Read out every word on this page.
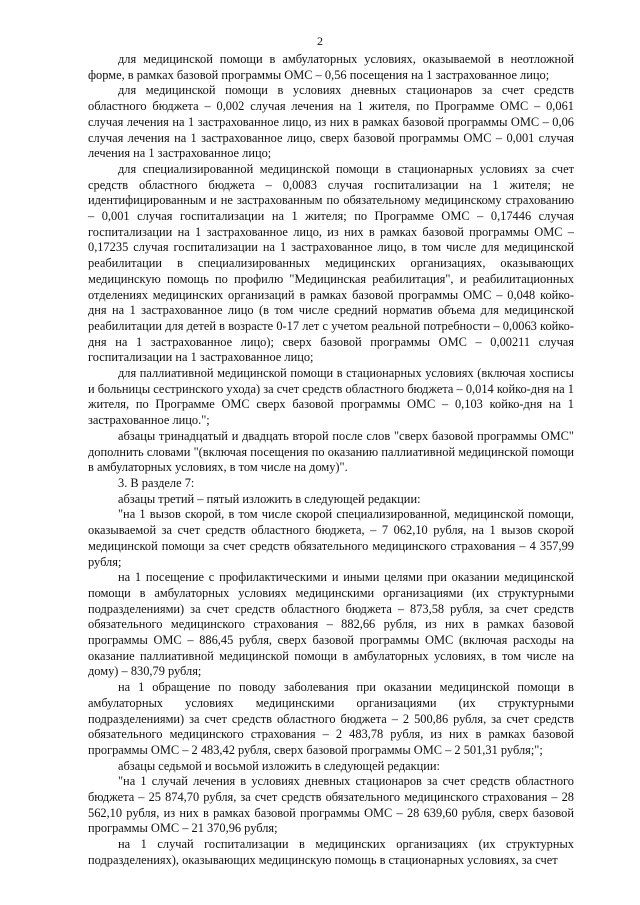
2

для медицинской помощи в амбулаторных условиях, оказываемой в неотложной форме, в рамках базовой программы ОМС – 0,56 посещения на 1 застрахованное лицо;

для медицинской помощи в условиях дневных стационаров за счет средств областного бюджета – 0,002 случая лечения на 1 жителя, по Программе ОМС – 0,061 случая лечения на 1 застрахованное лицо, из них в рамках базовой программы ОМС – 0,06 случая лечения на 1 застрахованное лицо, сверх базовой программы ОМС – 0,001 случая лечения на 1 застрахованное лицо;

для специализированной медицинской помощи в стационарных условиях за счет средств областного бюджета – 0,0083 случая госпитализации на 1 жителя; не идентифицированным и не застрахованным по обязательному медицинскому страхованию – 0,001 случая госпитализации на 1 жителя; по Программе ОМС – 0,17446 случая госпитализации на 1 застрахованное лицо, из них в рамках базовой программы ОМС – 0,17235 случая госпитализации на 1 застрахованное лицо, в том числе для медицинской реабилитации в специализированных медицинских организациях, оказывающих медицинскую помощь по профилю "Медицинская реабилитация", и реабилитационных отделениях медицинских организаций в рамках базовой программы ОМС – 0,048 койко-дня на 1 застрахованное лицо (в том числе средний норматив объема для медицинской реабилитации для детей в возрасте 0-17 лет с учетом реальной потребности – 0,0063 койко-дня на 1 застрахованное лицо); сверх базовой программы ОМС – 0,00211 случая госпитализации на 1 застрахованное лицо;

для паллиативной медицинской помощи в стационарных условиях (включая хосписы и больницы сестринского ухода) за счет средств областного бюджета – 0,014 койко-дня на 1 жителя, по Программе ОМС сверх базовой программы ОМС – 0,103 койко-дня на 1 застрахованное лицо.";

абзацы тринадцатый и двадцать второй после слов "сверх базовой программы ОМС" дополнить словами "(включая посещения по оказанию паллиативной медицинской помощи в амбулаторных условиях, в том числе на дому)".

3. В разделе 7:

абзацы третий – пятый изложить в следующей редакции:

"на 1 вызов скорой, в том числе скорой специализированной, медицинской помощи, оказываемой за счет средств областного бюджета, – 7 062,10 рубля, на 1 вызов скорой медицинской помощи за счет средств обязательного медицинского страхования – 4 357,99 рубля;

на 1 посещение с профилактическими и иными целями при оказании медицинской помощи в амбулаторных условиях медицинскими организациями (их структурными подразделениями) за счет средств областного бюджета – 873,58 рубля, за счет средств обязательного медицинского страхования – 882,66 рубля, из них в рамках базовой программы ОМС – 886,45 рубля, сверх базовой программы ОМС (включая расходы на оказание паллиативной медицинской помощи в амбулаторных условиях, в том числе на дому) – 830,79 рубля;

на 1 обращение по поводу заболевания при оказании медицинской помощи в амбулаторных условиях медицинскими организациями (их структурными подразделениями) за счет средств областного бюджета – 2 500,86 рубля, за счет средств обязательного медицинского страхования – 2 483,78 рубля, из них в рамках базовой программы ОМС – 2 483,42 рубля, сверх базовой программы ОМС – 2 501,31 рубля;";

абзацы седьмой и восьмой изложить в следующей редакции:

"на 1 случай лечения в условиях дневных стационаров за счет средств областного бюджета – 25 874,70 рубля, за счет средств обязательного медицинского страхования – 28 562,10 рубля, из них в рамках базовой программы ОМС – 28 639,60 рубля, сверх базовой программы ОМС – 21 370,96 рубля;

на 1 случай госпитализации в медицинских организациях (их структурных подразделениях), оказывающих медицинскую помощь в стационарных условиях, за счет
